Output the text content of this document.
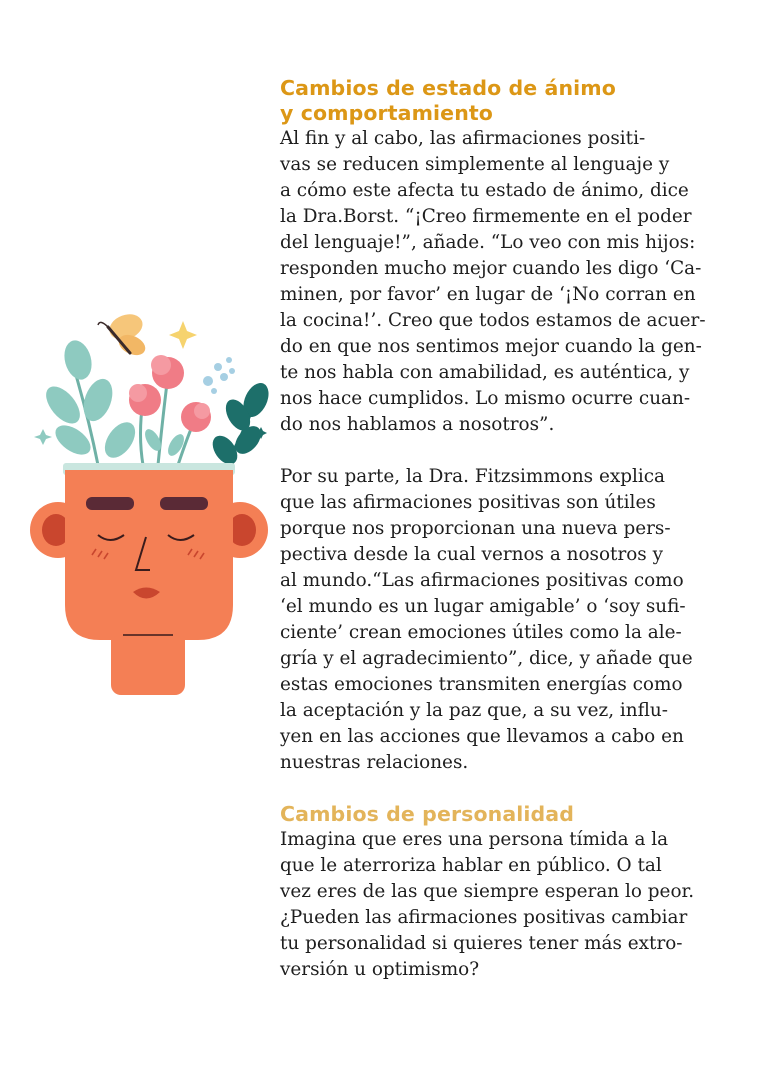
Cambios de estado de ánimo
y comportamiento

Al fin y al cabo, las afirmaciones positi-
vas se reducen simplemente al lenguaje y
a cómo este afecta tu estado de ánimo, dice
la Dra.Borst. “¡Creo firmemente en el poder
del lenguaje!”, añade. “Lo veo con mis hijos:
responden mucho mejor cuando les digo ‘Ca-
minen, por favor’ en lugar de ‘¡No corran en
la cocina!’. Creo que todos estamos de acuer-
do en que nos sentimos mejor cuando la gen-
te nos habla con amabilidad, es auténtica, y
nos hace cumplidos. Lo mismo ocurre cuan-
do nos hablamos a nosotros”.

Por su parte, la Dra. Fitzsimmons explica
que las afirmaciones positivas son útiles
porque nos proporcionan una nueva pers-
pectiva desde la cual vernos a nosotros y
al mundo.“Las afirmaciones positivas como
‘el mundo es un lugar amigable’ o ‘soy sufi-
ciente’ crean emociones útiles como la ale-
gría y el agradecimiento”, dice, y añade que
estas emociones transmiten energías como
la aceptación y la paz que, a su vez, influ-
yen en las acciones que llevamos a cabo en
nuestras relaciones.

Cambios de personalidad

Imagina que eres una persona tímida a la
que le aterroriza hablar en público. O tal
vez eres de las que siempre esperan lo peor.
¿Pueden las afirmaciones positivas cambiar
tu personalidad si quieres tener más extro-
versión u optimismo?
